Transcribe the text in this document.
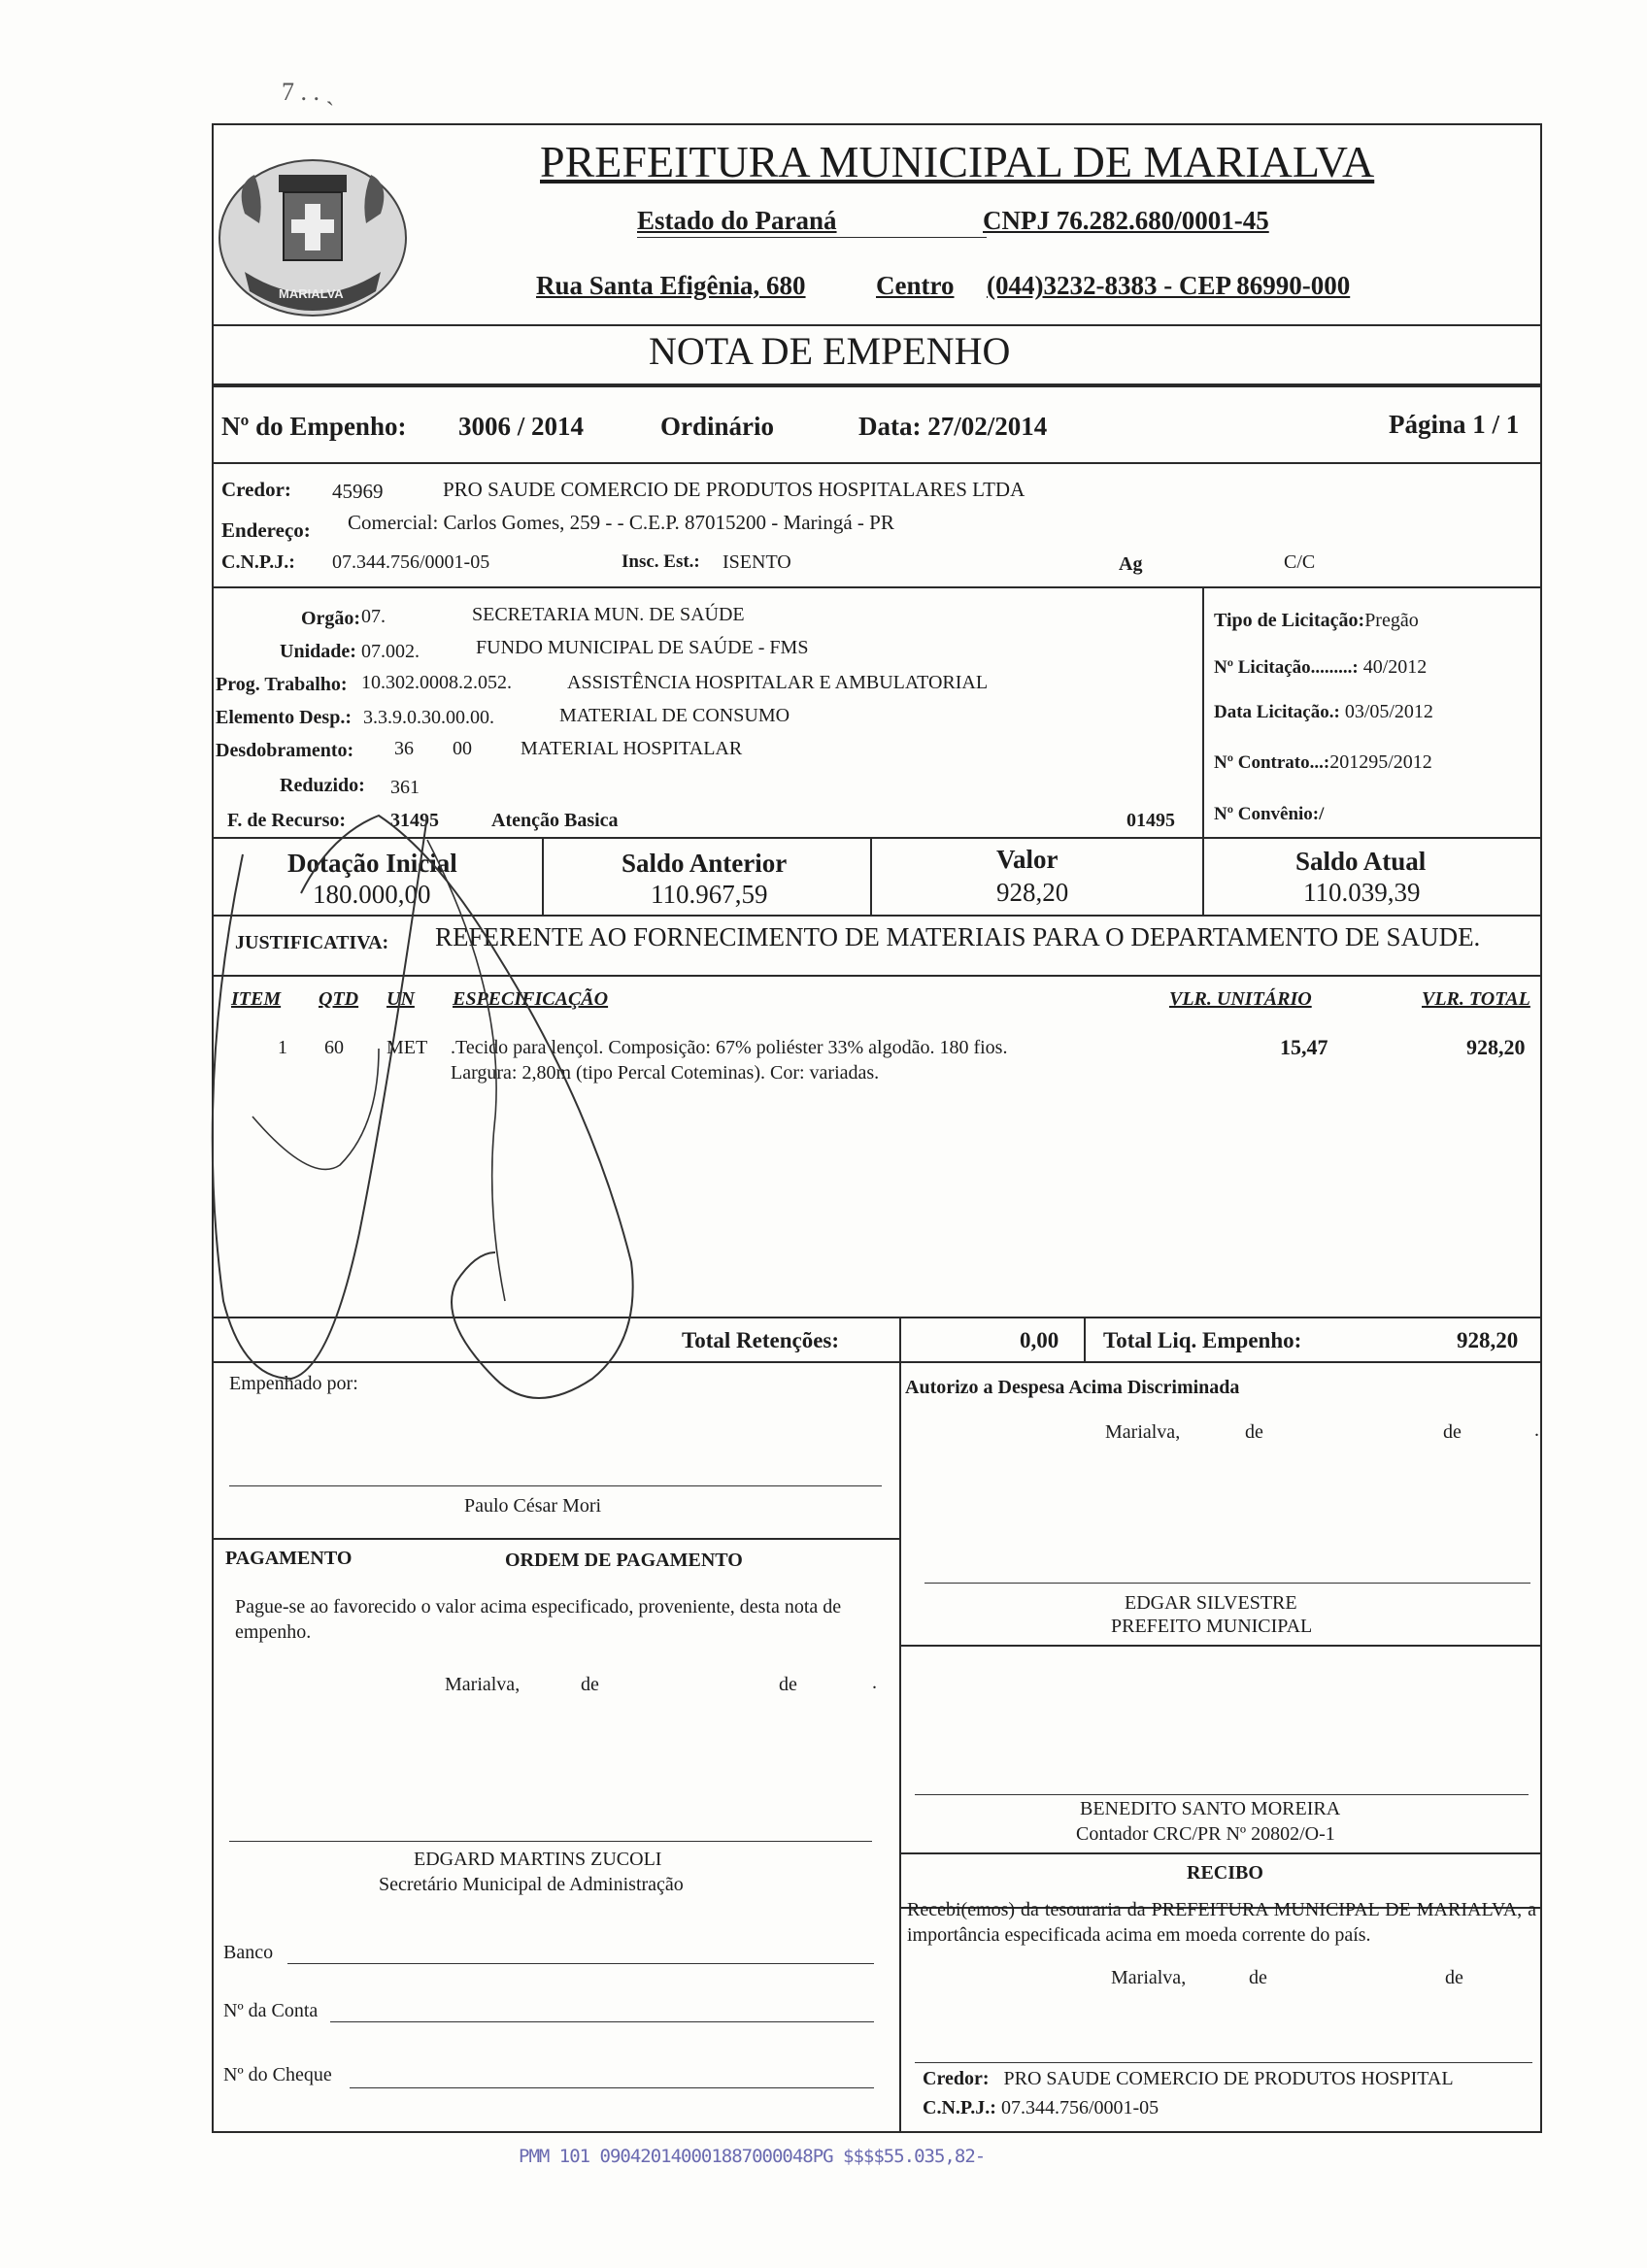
7 . . ˎ
MARIALVA
PREFEITURA MUNICIPAL DE MARIALVA
Estado do Paraná	CNPJ 76.282.680/0001-45
Rua Santa Efigênia, 680	Centro (044)3232-8383 - CEP 86990-000
NOTA DE EMPENHO
Nº do Empenho: 3006 / 2014	Ordinário	Data: 27/02/2014	Página 1 / 1
Credor: 45969	PRO SAUDE COMERCIO DE PRODUTOS HOSPITALARES LTDA
Endereço: Comercial: Carlos Gomes, 259 - - C.E.P. 87015200 - Maringá - PR
C.N.P.J.: 07.344.756/0001-05	Insc. Est.: ISENTO	Ag	C/C
Orgão: 07.	SECRETARIA MUN. DE SAÚDE
Unidade: 07.002.	FUNDO MUNICIPAL DE SAÚDE - FMS
Prog. Trabalho: 10.302.0008.2.052.	ASSISTÊNCIA HOSPITALAR E AMBULATORIAL
Elemento Desp.: 3.3.9.0.30.00.00.	MATERIAL DE CONSUMO
Desdobramento: 36 00	MATERIAL HOSPITALAR
Reduzido: 361
F. de Recurso: 31495	Atenção Basica	01495
Tipo de Licitação:Pregão
Nº Licitação.........: 40/2012
Data Licitação.: 03/05/2012
Nº Contrato...:201295/2012
Nº Convênio:/
Dotação Inicial
180.000,00
Saldo Anterior
110.967,59
Valor
928,20
Saldo Atual
110.039,39
JUSTIFICATIVA: REFERENTE AO FORNECIMENTO DE MATERIAIS PARA O DEPARTAMENTO DE SAUDE.
ITEM QTD UN ESPECIFICAÇÃO	VLR. UNITÁRIO	VLR. TOTAL
1 60 MET .Tecido para lençol. Composição: 67% poliéster 33% algodão. 180 fios.
Largura: 2,80m (tipo Percal Coteminas). Cor: variadas.
15,47	928,20
Total Retenções:	0,00 Total Liq. Empenho:	928,20
Empenhado por:
Paulo César Mori
PAGAMENTO	ORDEM DE PAGAMENTO
Pague-se ao favorecido o valor acima especificado, proveniente, desta nota de empenho.
Marialva,	de	de	.
EDGARD MARTINS ZUCOLI
Secretário Municipal de Administração
Banco
Nº da Conta
Nº do Cheque
Autorizo a Despesa Acima Discriminada
Marialva,	de	de	.
EDGAR SILVESTRE
PREFEITO MUNICIPAL
BENEDITO SANTO MOREIRA
Contador CRC/PR Nº 20802/O-1
RECIBO
Recebi(emos) da tesouraria da PREFEITURA MUNICIPAL DE MARIALVA, a importância especificada acima em moeda corrente do país.
Marialva,	de	de
Credor: PRO SAUDE COMERCIO DE PRODUTOS HOSPITAL
C.N.P.J.: 07.344.756/0001-05
PMM 101 090420140001887000048PG $$$$55.035,82-
